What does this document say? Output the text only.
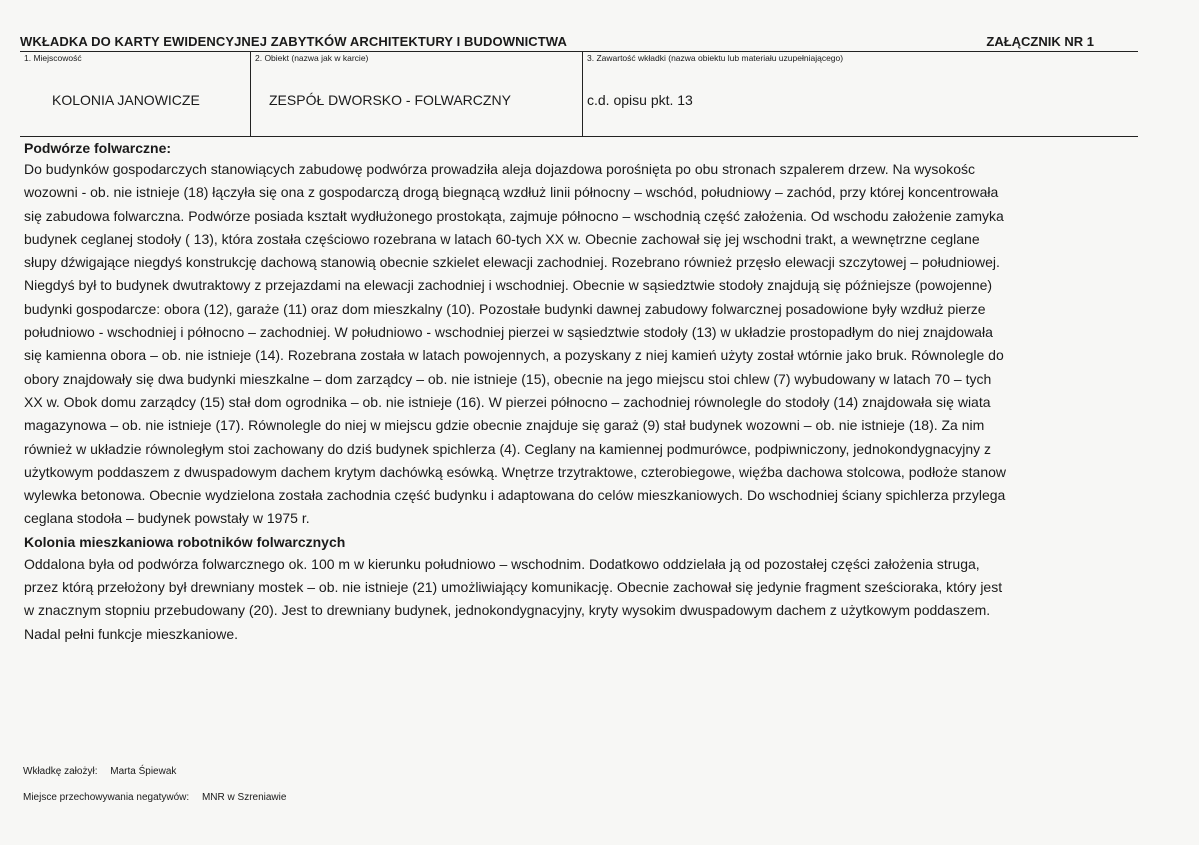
WKŁADKA DO KARTY EWIDENCYJNEJ ZABYTKÓW ARCHITEKTURY I BUDOWNICTWA	ZAŁĄCZNIK NR 1
1. Miejscowość
KOLONIA JANOWICZE
2. Obiekt (nazwa jak w karcie)
ZESPÓŁ DWORSKO - FOLWARCZNY
3. Zawartość wkładki (nazwa obiektu lub materiału uzupełniającego)
c.d. opisu pkt. 13
Podwórze folwarczne:
Do budynków gospodarczych stanowiących zabudowę podwórza prowadziła aleja dojazdowa porośnięta po obu stronach szpalerem drzew. Na wysokośc
wozowni - ob. nie istnieje (18) łączyła się ona z gospodarczą drogą biegnącą wzdłuż linii północny – wschód, południowy – zachód, przy której koncentrowała
się zabudowa folwarczna. Podwórze posiada kształt wydłużonego prostokąta, zajmuje północno – wschodnią część założenia. Od wschodu założenie zamyka
budynek ceglanej stodoły ( 13), która została częściowo rozebrana w latach 60-tych XX w. Obecnie zachował się jej wschodni trakt, a wewnętrzne ceglane
słupy dźwigające niegdyś konstrukcję dachową stanowią obecnie szkielet elewacji zachodniej. Rozebrano również przęsło elewacji szczytowej – południowej.
Niegdyś był to budynek dwutraktowy z przejazdami na elewacji zachodniej i wschodniej. Obecnie w sąsiedztwie stodoły znajdują się późniejsze (powojenne)
budynki gospodarcze: obora (12), garaże (11) oraz dom mieszkalny (10). Pozostałe budynki dawnej zabudowy folwarcznej posadowione były wzdłuż pierze
południowo - wschodniej i północno – zachodniej. W południowo - wschodniej pierzei w sąsiedztwie stodoły (13) w układzie prostopadłym do niej znajdowała
się kamienna obora – ob. nie istnieje (14). Rozebrana została w latach powojennych, a pozyskany z niej kamień użyty został wtórnie jako bruk. Równolegle do
obory znajdowały się dwa budynki mieszkalne – dom zarządcy – ob. nie istnieje (15), obecnie na jego miejscu stoi chlew (7) wybudowany w latach 70 – tych
XX w. Obok domu zarządcy (15) stał dom ogrodnika – ob. nie istnieje (16). W pierzei północno – zachodniej równolegle do stodoły (14) znajdowała się wiata
magazynowa – ob. nie istnieje (17). Równolegle do niej w miejscu gdzie obecnie znajduje się garaż (9) stał budynek wozowni – ob. nie istnieje (18). Za nim
również w układzie równoległym stoi zachowany do dziś budynek spichlerza (4). Ceglany na kamiennej podmurówce, podpiwniczony, jednokondygnacyjny z
użytkowym poddaszem z dwuspadowym dachem krytym dachówką esówką. Wnętrze trzytraktowe, czterobiegowe, więźba dachowa stolcowa, podłoże stanow
wylewka betonowa. Obecnie wydzielona została zachodnia część budynku i adaptowana do celów mieszkaniowych. Do wschodniej ściany spichlerza przylega
ceglana stodoła – budynek powstały w 1975 r.
Kolonia mieszkaniowa robotników folwarcznych
Oddalona była od podwórza folwarcznego ok. 100 m w kierunku południowo – wschodnim. Dodatkowo oddzielała ją od pozostałej części założenia struga,
przez którą przełożony był drewniany mostek – ob. nie istnieje (21) umożliwiający komunikację. Obecnie zachował się jedynie fragment sześcioraka, który jest
w znacznym stopniu przebudowany (20). Jest to drewniany budynek, jednokondygnacyjny, kryty wysokim dwuspadowym dachem z użytkowym poddaszem.
Nadal pełni funkcje mieszkaniowe.
Wkładkę założył: Marta Śpiewak
Miejsce przechowywania negatywów: MNR w Szreniawie
